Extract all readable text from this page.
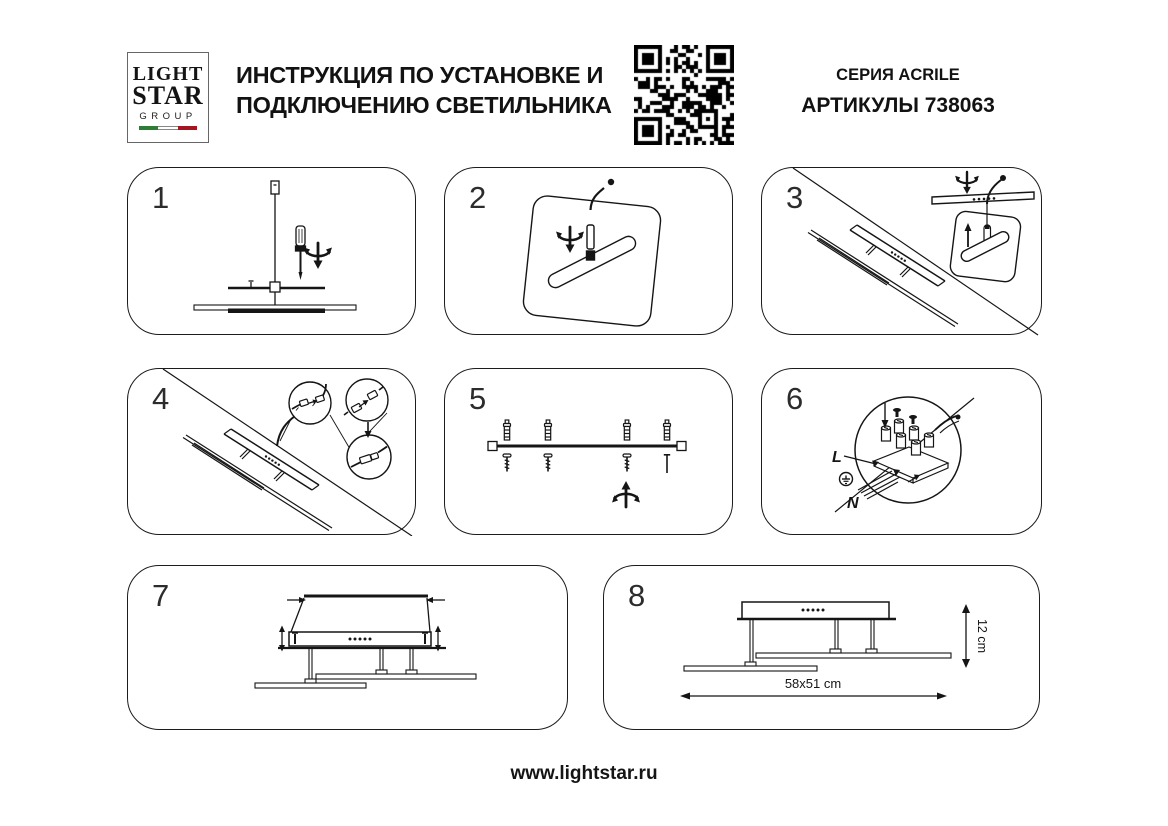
LIGHT
STAR
GROUP
ИНСТРУКЦИЯ ПО УСТАНОВКЕ И
ПОДКЛЮЧЕНИЮ СВЕТИЛЬНИКА
СЕРИЯ ACRILE
АРТИКУЛЫ 738063
1	2	3
4	5	6
L
N
7	8
12 cm
58x51 cm
www.lightstar.ru
